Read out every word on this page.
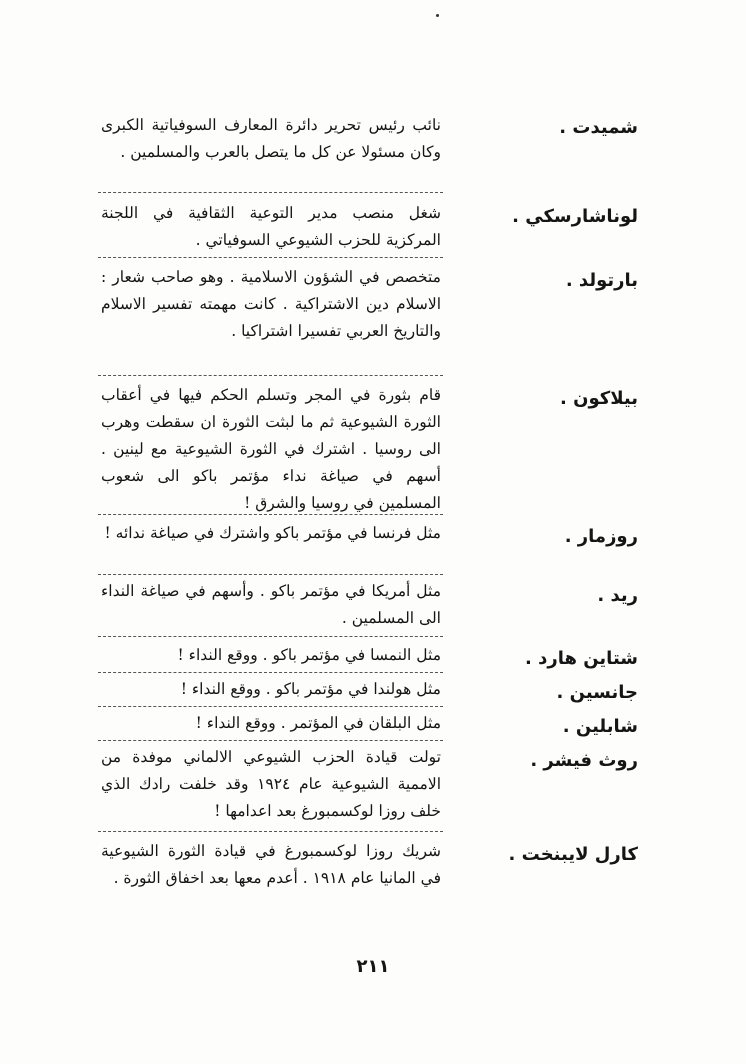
شميدت .
نائب رئيس تحرير دائرة المعارف السوفياتية الكبرى وكان مسئولا عن كل ما يتصل بالعرب والمسلمين .
لوناشارسكي .
شغل منصب مدير التوعية الثقافية في اللجنة المركزية للحزب الشيوعي السوفياتي .
بارتولد .
متخصص في الشؤون الاسلامية . وهو صاحب شعار : الاسلام دين الاشتراكية . كانت مهمته تفسير الاسلام والتاريخ العربي تفسيرا اشتراكيا .
بيلاكون .
قام بثورة في المجر وتسلم الحكم فيها في أعقاب الثورة الشيوعية ثم ما لبثت الثورة ان سقطت وهرب الى روسيا . اشترك في الثورة الشيوعية مع لينين . أسهم في صياغة نداء مؤتمر باكو الى شعوب المسلمين في روسيا والشرق !
روزمار .
مثل فرنسا في مؤتمر باكو واشترك في صياغة ندائه !
ريد .
مثل أمريكا في مؤتمر باكو . وأسهم في صياغة النداء الى المسلمين .
شتاين هارد .
مثل النمسا في مؤتمر باكو . ووقع النداء !
جانسين .
مثل هولندا في مؤتمر باكو . ووقع النداء !
شابلين .
مثل البلقان في المؤتمر . ووقع النداء !
روث فيشر .
تولت قيادة الحزب الشيوعي الالماني موفدة من الاممية الشيوعية عام ١٩٢٤ وقد خلفت رادك الذي خلف روزا لوكسمبورغ بعد اعدامها !
كارل لايبنخت .
شريك روزا لوكسمبورغ في قيادة الثورة الشيوعية في المانيا عام ١٩١٨ . أعدم معها بعد اخفاق الثورة .
٢١١
